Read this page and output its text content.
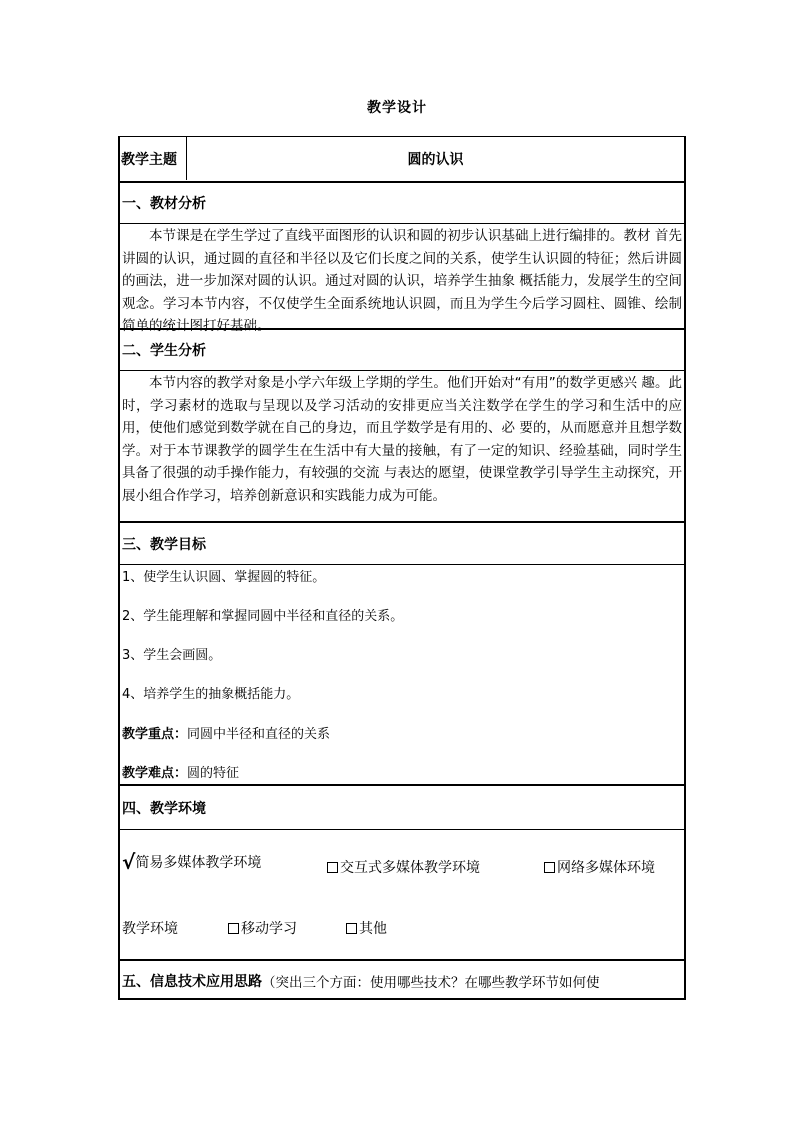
教学设计
教学主题	圆的认识
一、教材分析
本节课是在学生学过了直线平面图形的认识和圆的初步认识基础上进行编排的。教材 首先讲圆的认识，通过圆的直径和半径以及它们长度之间的关系，使学生认识圆的特征；然后讲圆的画法，进一步加深对圆的认识。通过对圆的认识，培养学生抽象 概括能力，发展学生的空间观念。学习本节内容，不仅使学生全面系统地认识圆，而且为学生今后学习圆柱、圆锥、绘制简单的统计图打好基础。
二、学生分析
本节内容的教学对象是小学六年级上学期的学生。他们开始对“有用”的数学更感兴 趣。此时，学习素材的选取与呈现以及学习活动的安排更应当关注数学在学生的学习和生活中的应用，使他们感觉到数学就在自己的身边，而且学数学是有用的、必 要的，从而愿意并且想学数学。对于本节课教学的圆学生在生活中有大量的接触，有了一定的知识、经验基础，同时学生具备了很强的动手操作能力，有较强的交流 与表达的愿望，使课堂教学引导学生主动探究，开展小组合作学习，培养创新意识和实践能力成为可能。
三、教学目标
1、使学生认识圆、掌握圆的特征。
2、学生能理解和掌握同圆中半径和直径的关系。
3、学生会画圆。
4、培养学生的抽象概括能力。
教学重点：同圆中半径和直径的关系
教学难点：圆的特征
四、教学环境
√简易多媒体教学环境	交互式多媒体教学环境	网络多媒体环境
教学环境	移动学习	其他
五、信息技术应用思路 （突出三个方面：使用哪些技术？在哪些教学环节如何使
